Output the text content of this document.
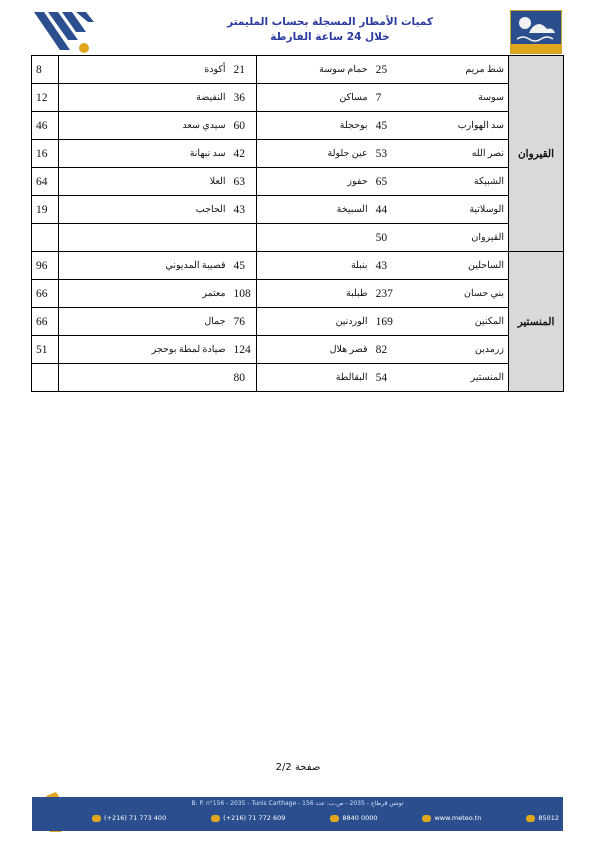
كميات الأمطار المسجلة بحساب المليمتر
خلال 24 ساعة الفارطة
8	أكودة	21	حمام سوسة	25	شط مريم	القيروان
12	النفيضة	36	مساكن	7	سوسة	
46	سيدي سعد	60	بوحجلة	45	سد الهوارب	
16	سد نبهانة	42	عين جلولة	53	نصر الله	
64	العلا	63	حفوز	65	الشبيكة	
19	الحاجب	43	السبيخة	44	الوسلاتية	
				50	القيروان	
96	قصيبة المديوني	45	بنبلة	43	الساحلين	المنستير
66	معتمر	108	طبلبة	237	بني حسان	
66	جمال	76	الوردنين	169	المكنين	
51	صيادة لمطة بوحجر	124	قصر هلال	82	زرمدين	
		80	البقالطة	54	المنستير	
صفحة 2/2
B. P. n°156 - 2035 - Tunis Carthage - تونس قرطاج - 2035 - ص.ب. عدد 156
(+216) 71 773 400	(+216) 71 772 609	8840 0000	www.meteo.tn	85012
